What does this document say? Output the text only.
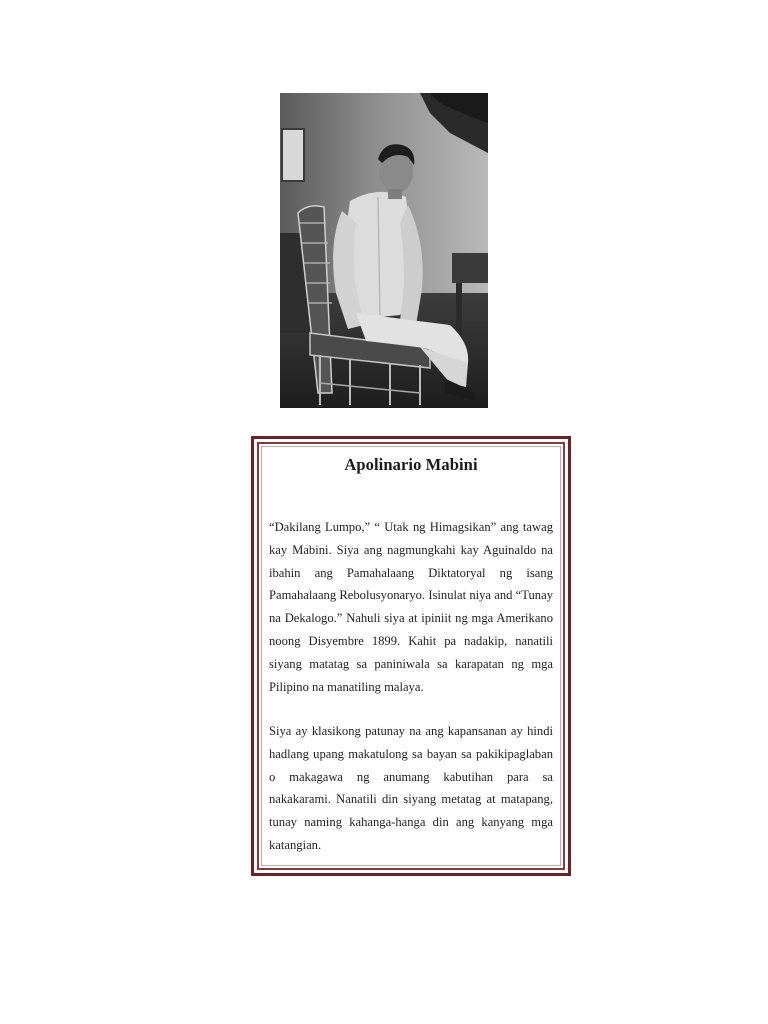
Apolinario Mabini

“Dakilang Lumpo,” “ Utak ng Himagsikan” ang tawag kay Mabini. Siya ang nagmungkahi kay Aguinaldo na ibahin ang Pamahalaang Diktatoryal ng isang Pamahalaang Rebolusyonaryo. Isinulat niya and “Tunay na Dekalogo.” Nahuli siya at ipiniit ng mga Amerikano noong Disyembre 1899. Kahit pa nadakip, nanatili siyang matatag sa paniniwala sa karapatan ng mga Pilipino na manatiling malaya.

Siya ay klasikong patunay na ang kapansanan ay hindi hadlang upang makatulong sa bayan sa pakikipaglaban o makagawa ng anumang kabutihan para sa nakakarami. Nanatili din siyang metatag at matapang, tunay naming kahanga-hanga din ang kanyang mga katangian.
